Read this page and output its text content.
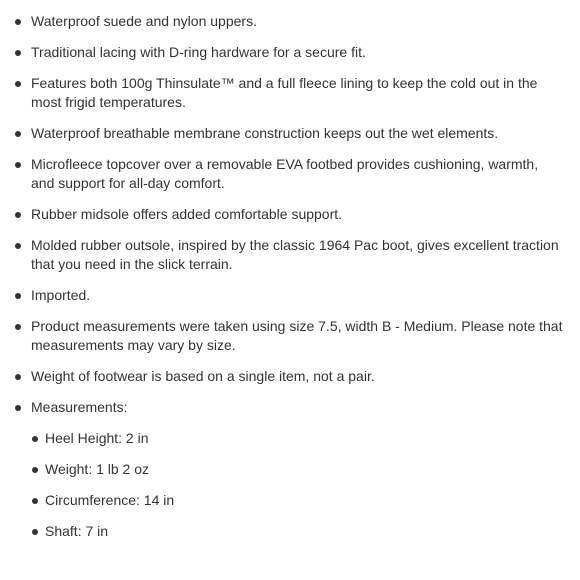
Waterproof suede and nylon uppers.
Traditional lacing with D-ring hardware for a secure fit.
Features both 100g Thinsulate™ and a full fleece lining to keep the cold out in the most frigid temperatures.
Waterproof breathable membrane construction keeps out the wet elements.
Microfleece topcover over a removable EVA footbed provides cushioning, warmth, and support for all-day comfort.
Rubber midsole offers added comfortable support.
Molded rubber outsole, inspired by the classic 1964 Pac boot, gives excellent traction that you need in the slick terrain.
Imported.
Product measurements were taken using size 7.5, width B - Medium. Please note that measurements may vary by size.
Weight of footwear is based on a single item, not a pair.
Measurements:
Heel Height: 2 in
Weight: 1 lb 2 oz
Circumference: 14 in
Shaft: 7 in
